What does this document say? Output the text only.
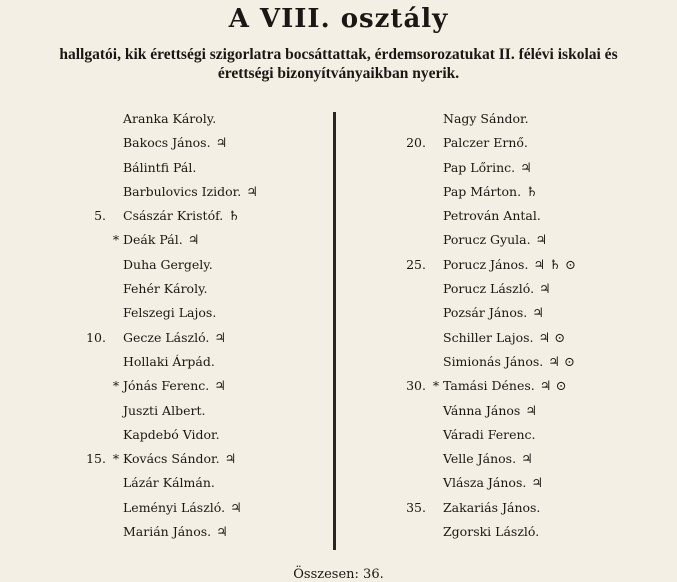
A VIII. osztály
hallgatói, kik érettségi szigorlatra bocsáttattak, érdemsorozatukat II. félévi iskolai és
érettségi bizonyítványaikban nyerik.
Aranka Károly.
Bakocs János. ♃
Bálintfi Pál.
Barbulovics Izidor. ♃
5. Császár Kristóf. ♄
* Deák Pál. ♃
Duha Gergely.
Fehér Károly.
Felszegi Lajos.
10. Gecze László. ♃
Hollaki Árpád.
* Jónás Ferenc. ♃
Juszti Albert.
Kapdebó Vidor.
15. * Kovács Sándor. ♃
Lázár Kálmán.
Leményi László. ♃
Marián János. ♃
Nagy Sándor.
20. Palczer Ernő.
Pap Lőrinc. ♃
Pap Márton. ♄
Petrován Antal.
Porucz Gyula. ♃
25. Porucz János. ♃ ♄ ⊙
Porucz László. ♃
Pozsár János. ♃
Schiller Lajos. ♃ ⊙
Simionás János. ♃ ⊙
30. * Tamási Dénes. ♃ ⊙
Vánna János ♃
Váradi Ferenc.
Velle János. ♃
Vlásza János. ♃
35. Zakariás János.
Zgorski László.
Összesen: 36.
